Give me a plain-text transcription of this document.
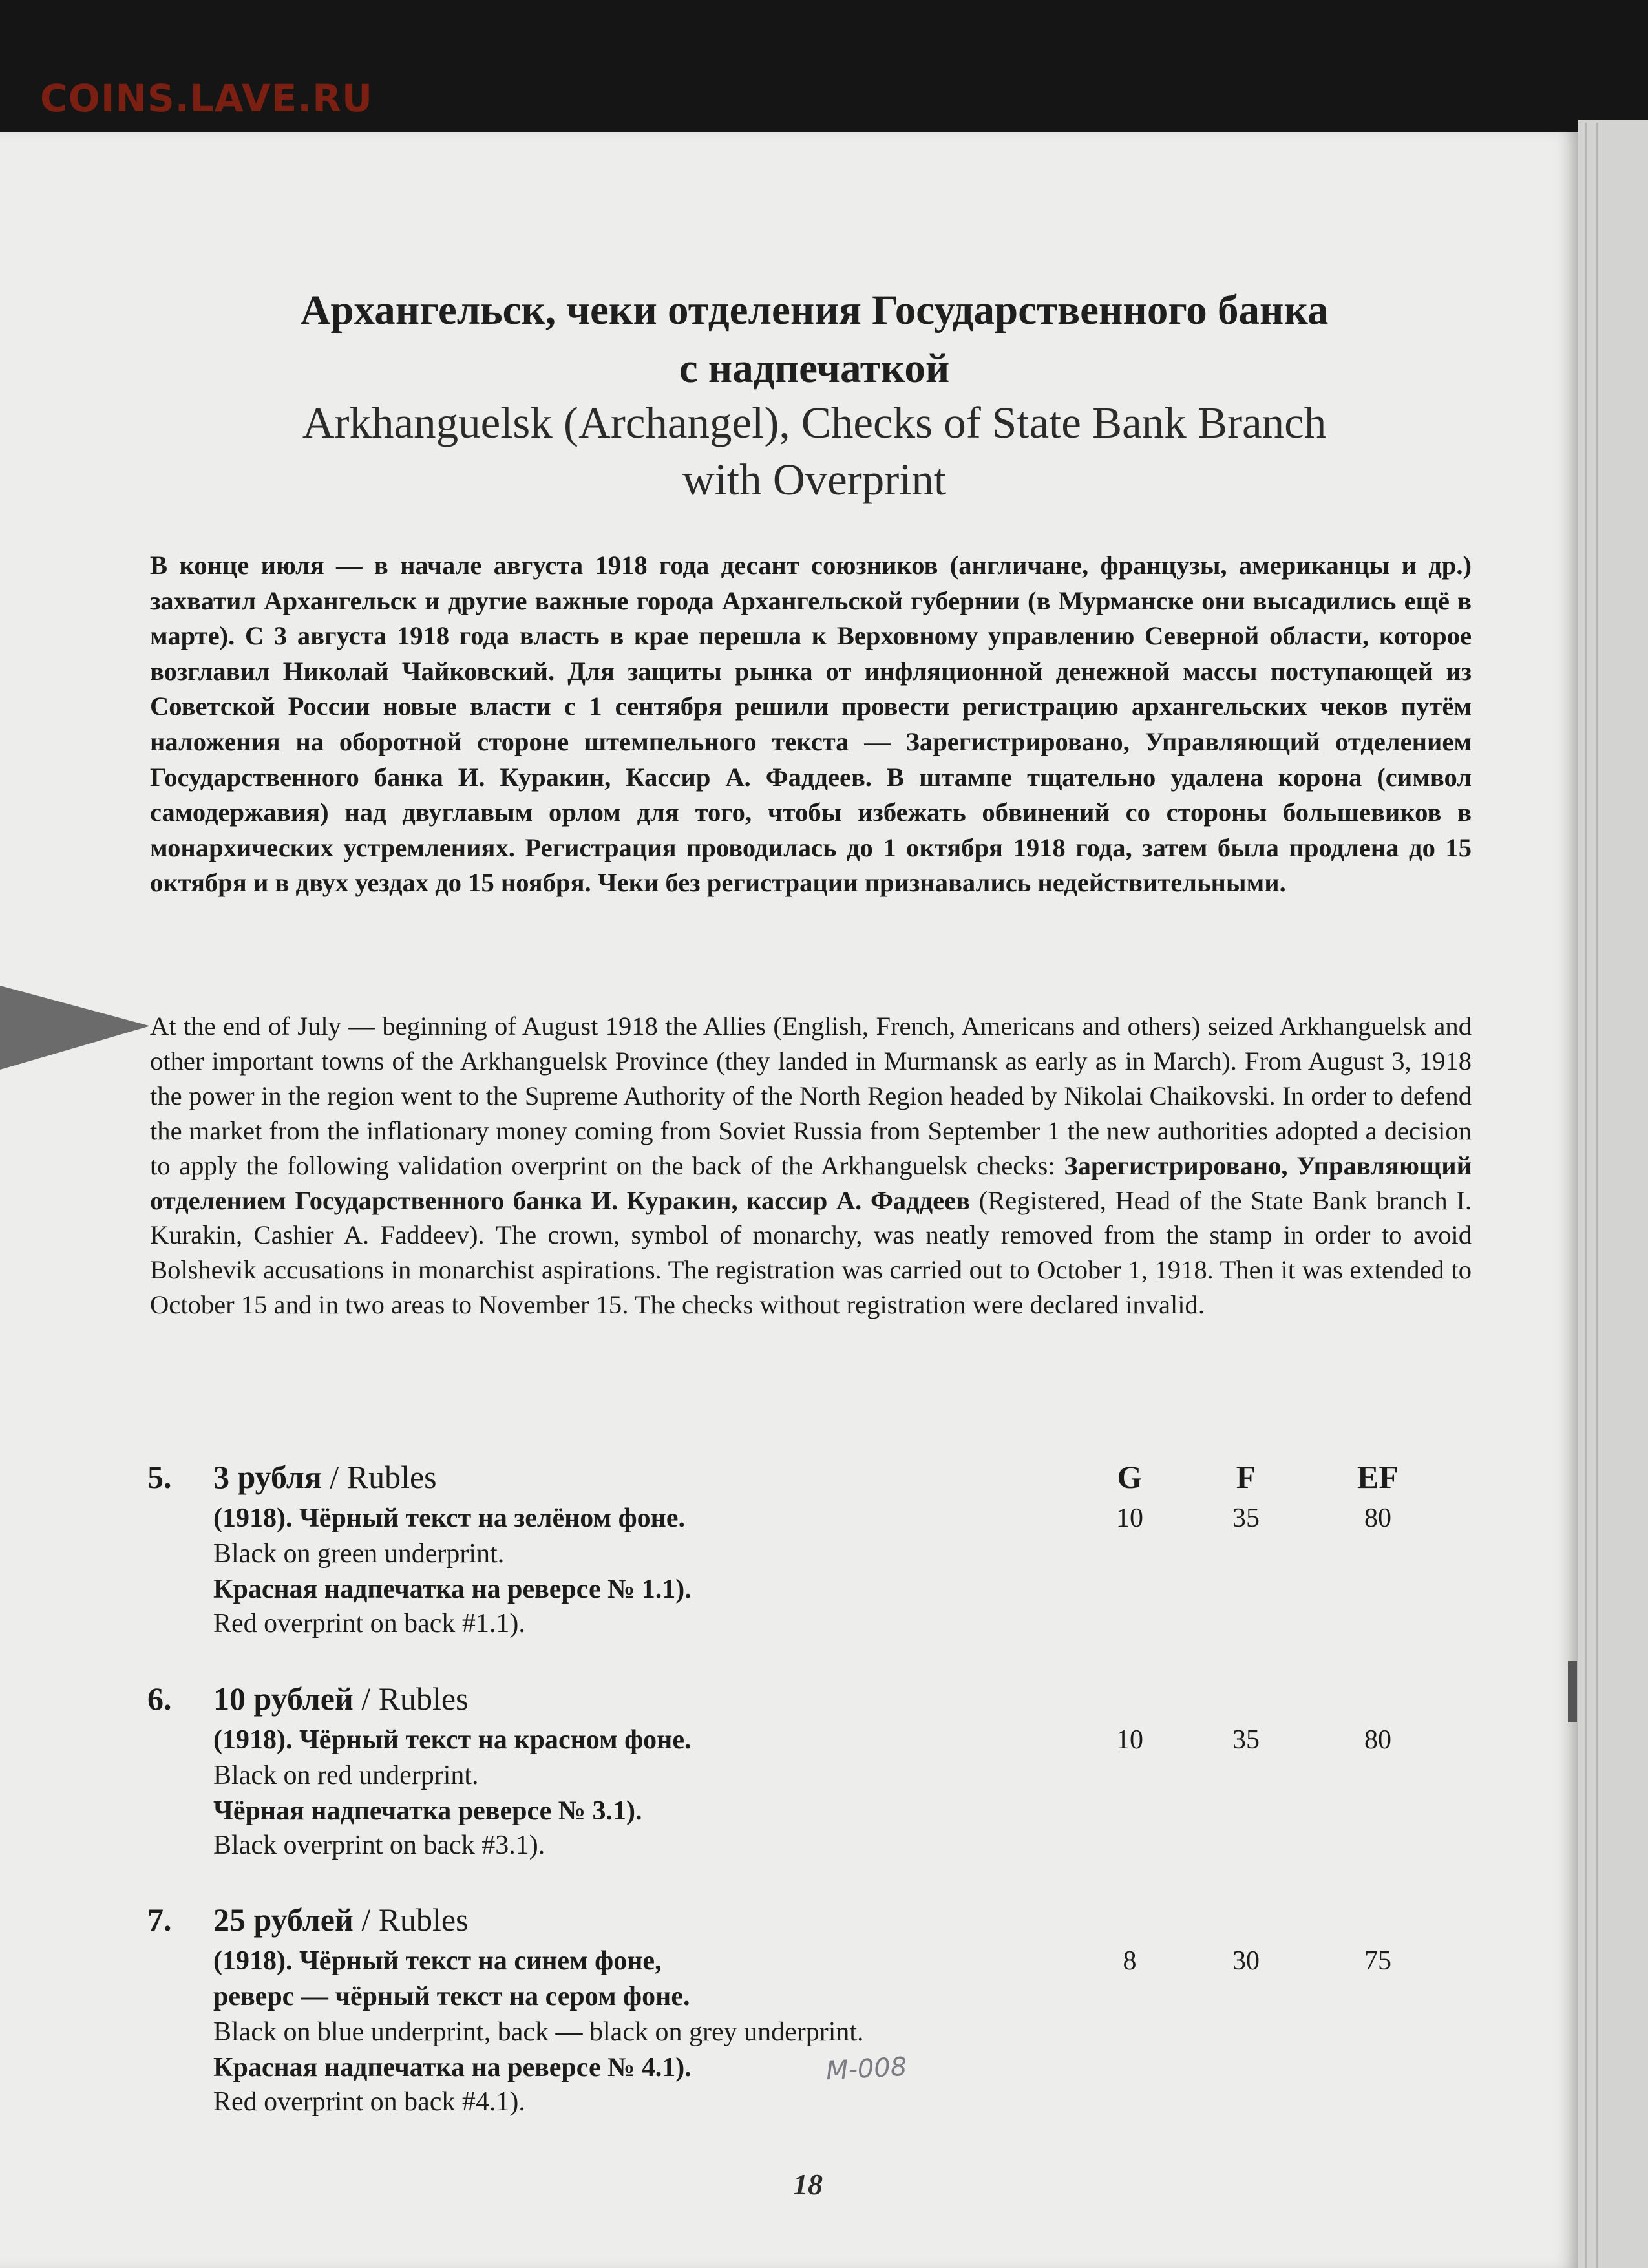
COINS.LAVE.RU
Архангельск, чеки отделения Государственного банка
с надпечаткой
Arkhanguelsk (Archangel), Checks of State Bank Branch
with Overprint
В конце июля — в начале августа 1918 года десант союзников (англичане, французы, американцы и др.) захватил Архангельск и другие важные города Архангельской губернии (в Мурманске они высадились ещё в марте). С 3 августа 1918 года власть в крае перешла к Верховному управлению Северной области, которое возглавил Николай Чайковский. Для защиты рынка от инфляционной денежной массы поступающей из Советской России новые власти с 1 сентября решили провести регистрацию архангельских чеков путём наложения на оборотной стороне штемпельного текста — Зарегистрировано, Управляющий отделением Государственного банка И. Куракин, Кассир А. Фаддеев. В штампе тщательно удалена корона (символ самодержавия) над двуглавым орлом для того, чтобы избежать обвинений со стороны большевиков в монархических устремлениях. Регистрация проводилась до 1 октября 1918 года, затем была продлена до 15 октября и в двух уездах до 15 ноября. Чеки без регистрации признавались недействительными.
At the end of July — beginning of August 1918 the Allies (English, French, Americans and others) seized Arkhanguelsk and other important towns of the Arkhanguelsk Province (they landed in Murmansk as early as in March). From August 3, 1918 the power in the region went to the Supreme Authority of the North Region headed by Nikolai Chaikovski. In order to defend the market from the inflationary money coming from Soviet Russia from September 1 the new authorities adopted a decision to apply the following validation overprint on the back of the Arkhanguelsk checks: Зарегистрировано, Управляющий отделением Государственного банка И. Куракин, кассир А. Фаддеев (Registered, Head of the State Bank branch I. Kurakin, Cashier A. Faddeev). The crown, symbol of monarchy, was neatly removed from the stamp in order to avoid Bolshevik accusations in monarchist aspirations. The registration was carried out to October 1, 1918. Then it was extended to October 15 and in two areas to November 15. The checks without registration were declared invalid.
G	F	EF
5. 3 рубля / Rubles
(1918). Чёрный текст на зелёном фоне.
Black on green underprint.
Красная надпечатка на реверсе № 1.1).
Red overprint on back #1.1).
10	35	80
6. 10 рублей / Rubles
(1918). Чёрный текст на красном фоне.
Black on red underprint.
Чёрная надпечатка реверсе № 3.1).
Black overprint on back #3.1).
10	35	80
7. 25 рублей / Rubles
(1918). Чёрный текст на синем фоне,
реверс — чёрный текст на сером фоне.
Black on blue underprint, back — black on grey underprint.
Красная надпечатка на реверсе № 4.1).
Red overprint on back #4.1).
8	30	75
M-008
18
